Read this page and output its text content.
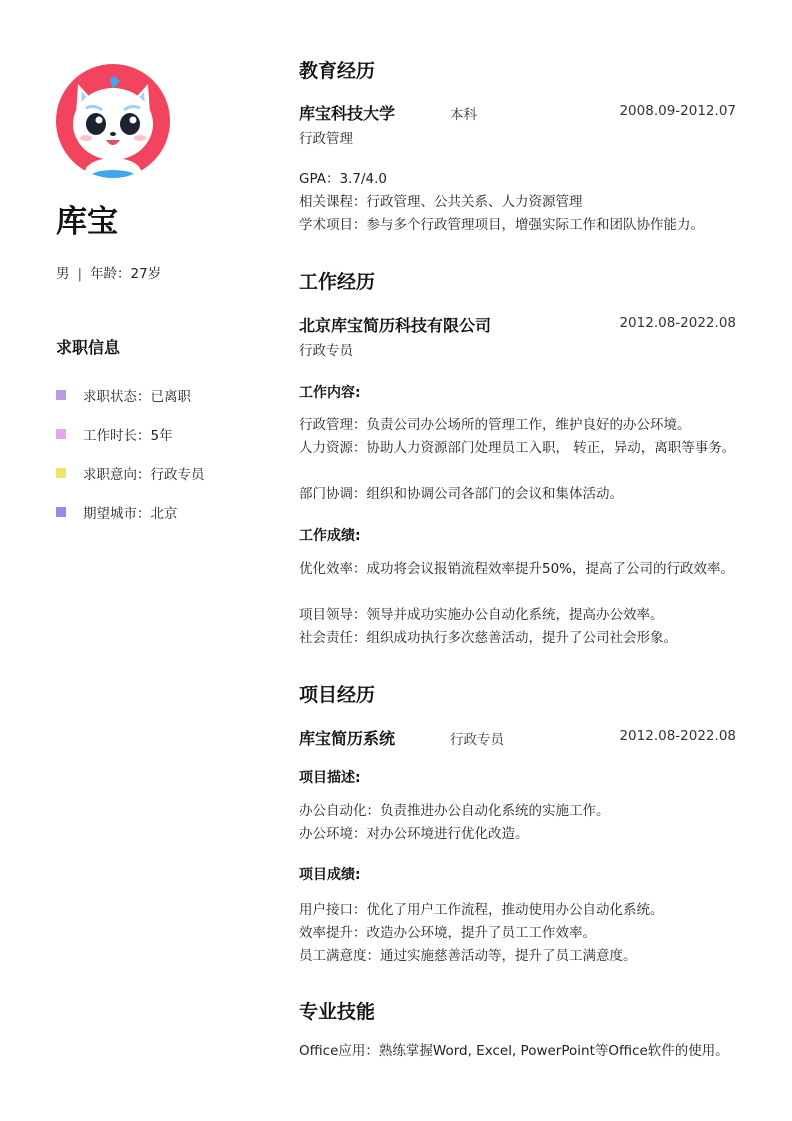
库宝
男 | 年龄：27岁
求职信息
求职状态：已离职
工作时长：5年
求职意向：行政专员
期望城市：北京
教育经历
库宝科技大学	本科	2008.09-2012.07
行政管理
GPA：3.7/4.0
相关课程：行政管理、公共关系、人力资源管理
学术项目：参与多个行政管理项目，增强实际工作和团队协作能力。
工作经历
北京库宝简历科技有限公司	2012.08-2022.08
行政专员
工作内容:
行政管理：负责公司办公场所的管理工作，维护良好的办公环境。
人力资源：协助人力资源部门处理员工入职， 转正，异动，离职等事务。
部门协调：组织和协调公司各部门的会议和集体活动。
工作成绩:
优化效率：成功将会议报销流程效率提升50%，提高了公司的行政效率。
项目领导：领导并成功实施办公自动化系统，提高办公效率。
社会责任：组织成功执行多次慈善活动，提升了公司社会形象。
项目经历
库宝简历系统	行政专员	2012.08-2022.08
项目描述:
办公自动化：负责推进办公自动化系统的实施工作。
办公环境：对办公环境进行优化改造。
项目成绩:
用户接口：优化了用户工作流程，推动使用办公自动化系统。
效率提升：改造办公环境，提升了员工工作效率。
员工满意度：通过实施慈善活动等，提升了员工满意度。
专业技能
Office应用：熟练掌握Word, Excel, PowerPoint等Office软件的使用。
